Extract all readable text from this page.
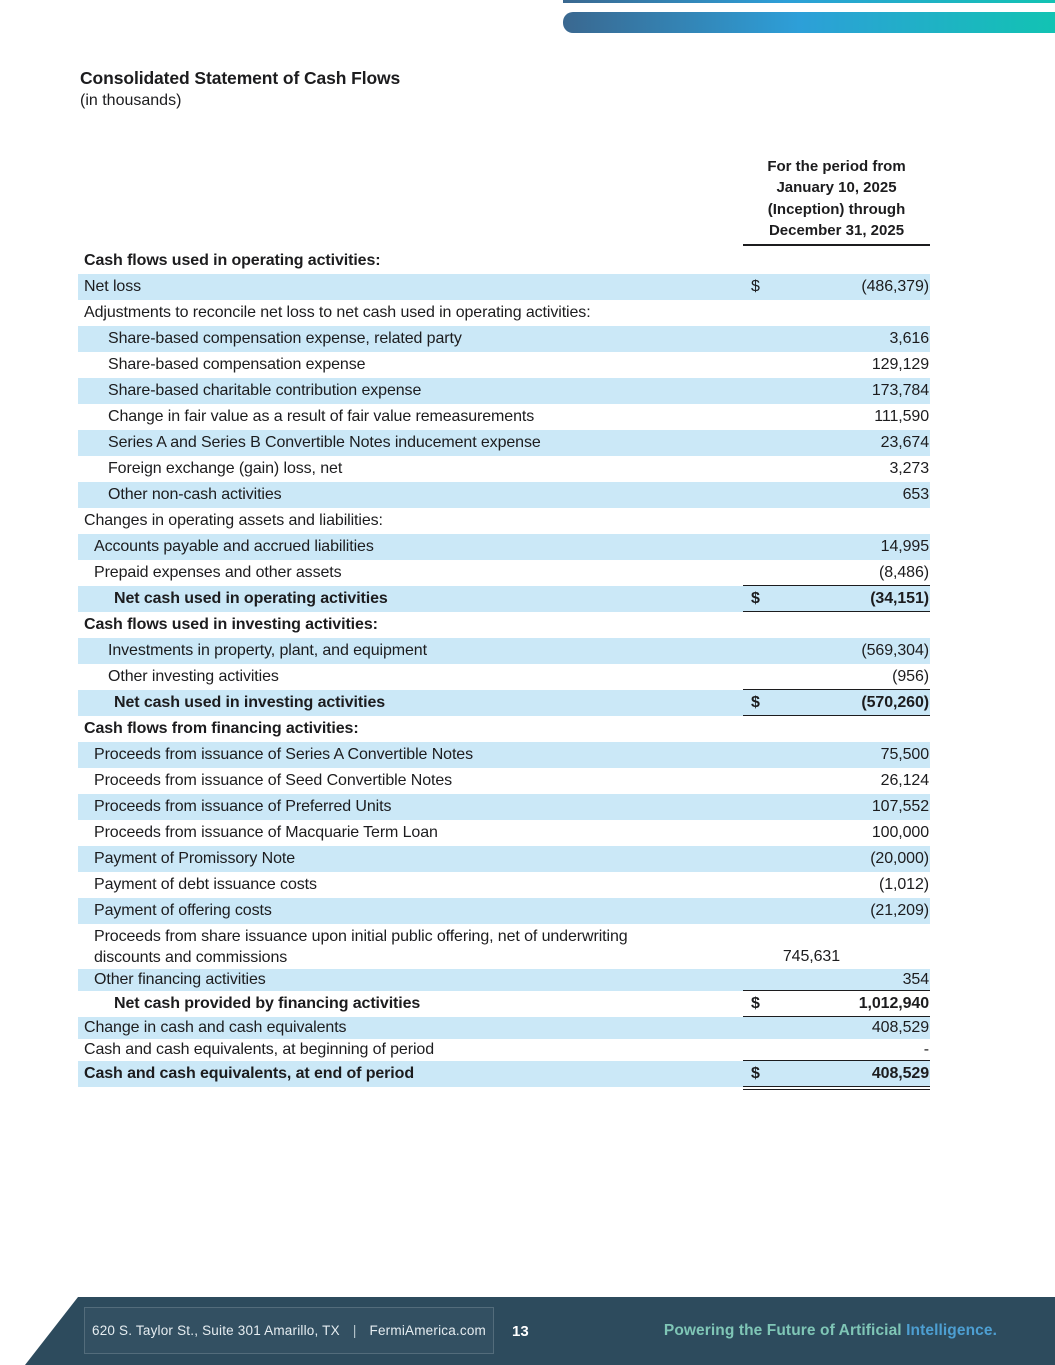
Consolidated Statement of Cash Flows
(in thousands)
For the period from
January 10, 2025
(Inception) through
December 31, 2025
Cash flows used in operating activities:
Net loss	$	(486,379)
Adjustments to reconcile net loss to net cash used in operating activities:
Share-based compensation expense, related party	3,616
Share-based compensation expense	129,129
Share-based charitable contribution expense	173,784
Change in fair value as a result of fair value remeasurements	111,590
Series A and Series B Convertible Notes inducement expense	23,674
Foreign exchange (gain) loss, net	3,273
Other non-cash activities	653
Changes in operating assets and liabilities:
Accounts payable and accrued liabilities	14,995
Prepaid expenses and other assets	(8,486)
Net cash used in operating activities	$	(34,151)
Cash flows used in investing activities:
Investments in property, plant, and equipment	(569,304)
Other investing activities	(956)
Net cash used in investing activities	$	(570,260)
Cash flows from financing activities:
Proceeds from issuance of Series A Convertible Notes	75,500
Proceeds from issuance of Seed Convertible Notes	26,124
Proceeds from issuance of Preferred Units	107,552
Proceeds from issuance of Macquarie Term Loan	100,000
Payment of Promissory Note	(20,000)
Payment of debt issuance costs	(1,012)
Payment of offering costs	(21,209)
Proceeds from share issuance upon initial public offering, net of underwriting discounts and commissions	745,631
Other financing activities	354
Net cash provided by financing activities	$	1,012,940
Change in cash and cash equivalents	408,529
Cash and cash equivalents, at beginning of period	-
Cash and cash equivalents, at end of period	$	408,529
620 S. Taylor St., Suite 301 Amarillo, TX | FermiAmerica.com 13	Powering the Future of Artificial Intelligence.
